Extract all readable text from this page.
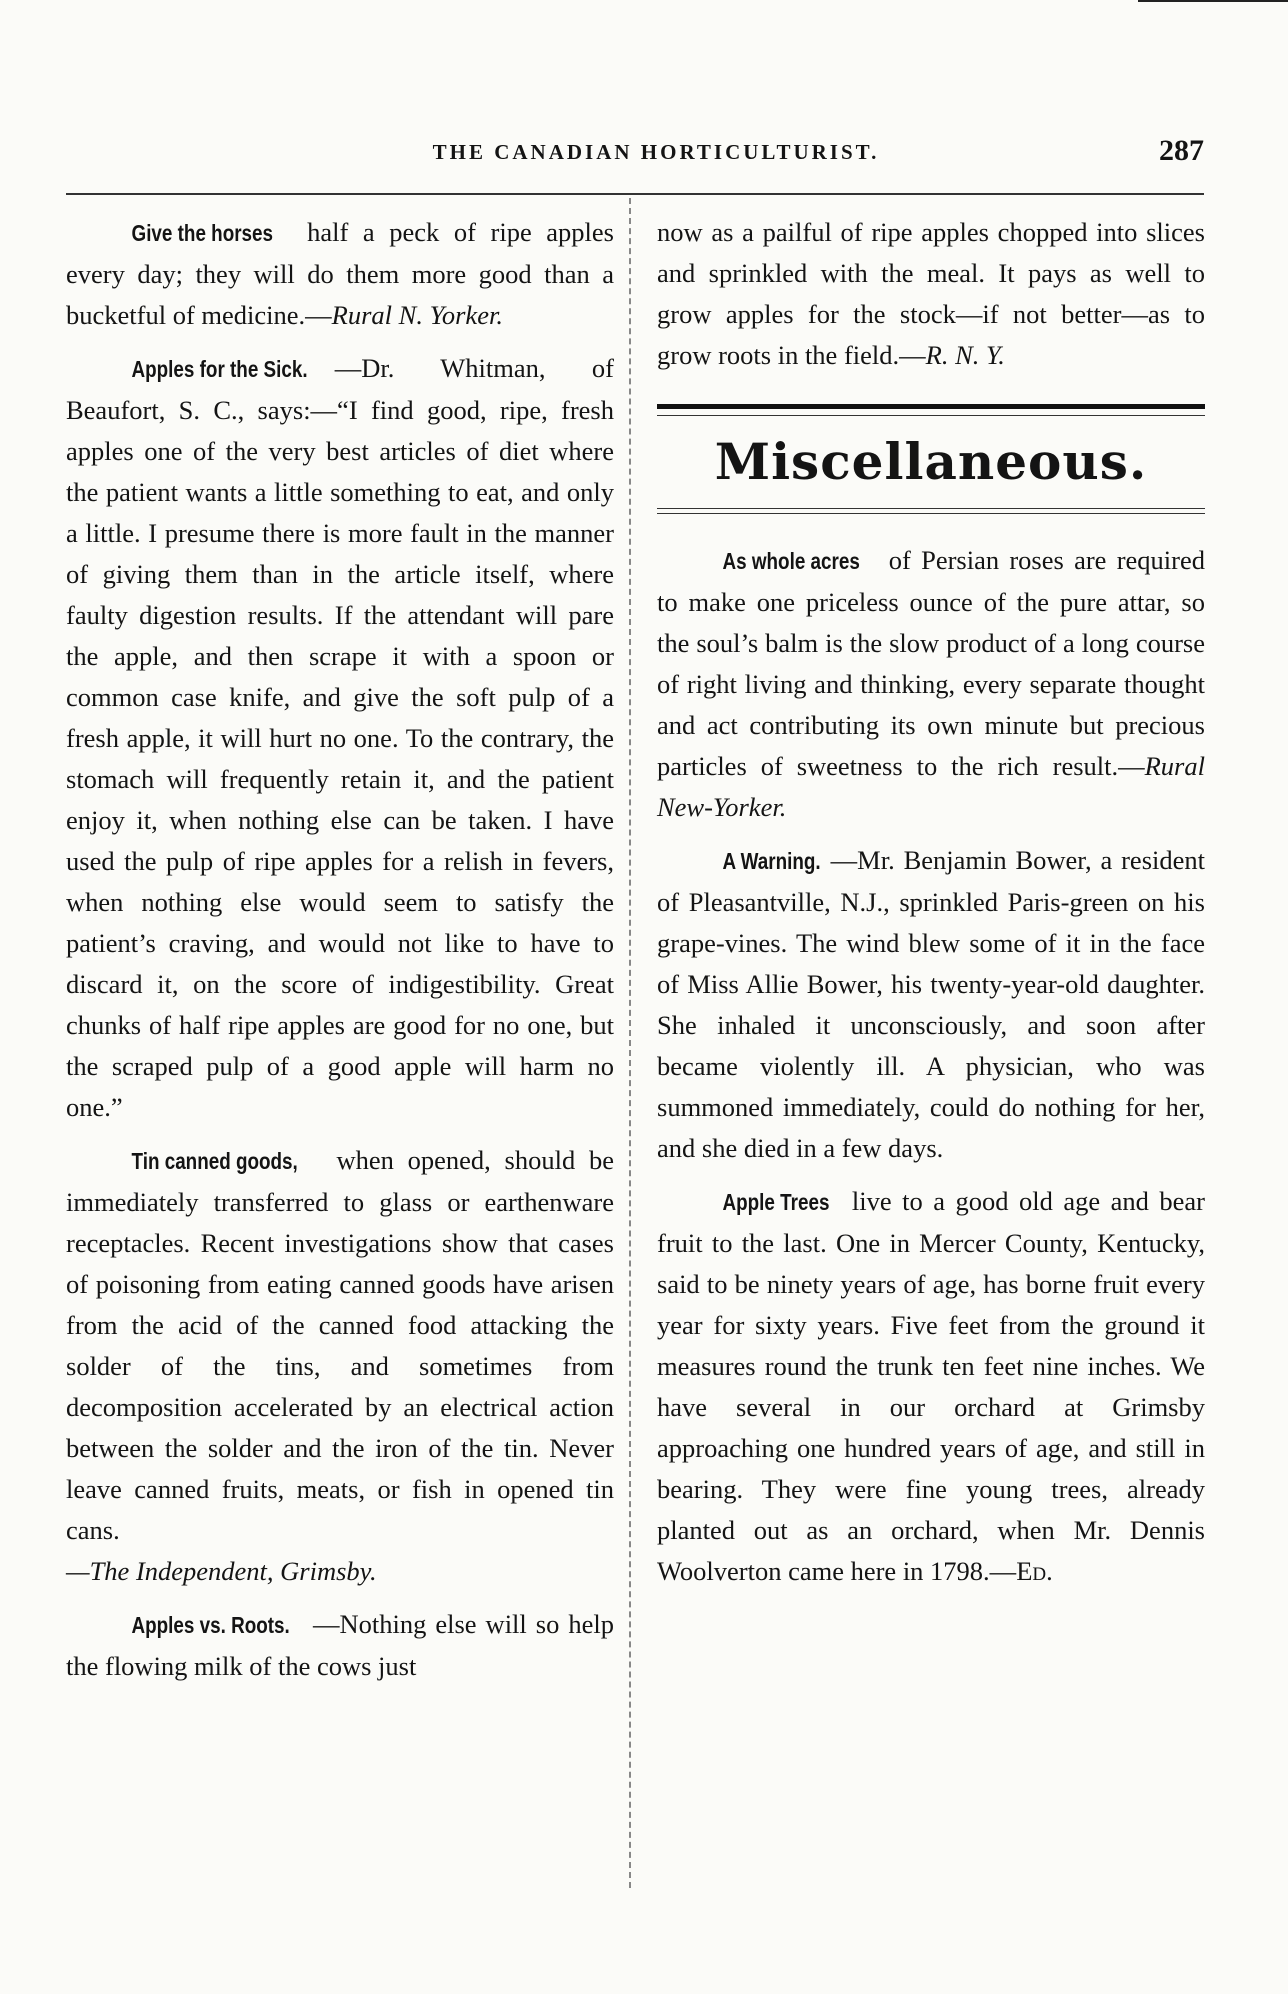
THE CANADIAN HORTICULTURIST.	287

Give the horses half a peck of ripe apples every day; they will do them more good than a bucketful of medicine.—Rural N. Yorker.

Apples for the Sick. —Dr. Whitman, of Beaufort, S. C., says:—“I find good, ripe, fresh apples one of the very best articles of diet where the patient wants a little something to eat, and only a little. I presume there is more fault in the manner of giving them than in the article itself, where faulty digestion results. If the attendant will pare the apple, and then scrape it with a spoon or common case knife, and give the soft pulp of a fresh apple, it will hurt no one. To the contrary, the stomach will frequently retain it, and the patient enjoy it, when nothing else can be taken. I have used the pulp of ripe apples for a relish in fevers, when nothing else would seem to satisfy the patient’s craving, and would not like to have to discard it, on the score of indigestibility. Great chunks of half ripe apples are good for no one, but the scraped pulp of a good apple will harm no one.”

Tin canned goods, when opened, should be immediately transferred to glass or earthenware receptacles. Recent investigations show that cases of poisoning from eating canned goods have arisen from the acid of the canned food attacking the solder of the tins, and sometimes from decomposition accelerated by an electrical action between the solder and the iron of the tin. Never leave canned fruits, meats, or fish in opened tin cans.
—The Independent, Grimsby.

Apples vs. Roots. —Nothing else will so help the flowing milk of the cows just

now as a pailful of ripe apples chopped into slices and sprinkled with the meal. It pays as well to grow apples for the stock—if not better—as to grow roots in the field.—R. N. Y.

Miscellaneous.

As whole acres of Persian roses are required to make one priceless ounce of the pure attar, so the soul’s balm is the slow product of a long course of right living and thinking, every separate thought and act contributing its own minute but precious particles of sweetness to the rich result.—Rural New-Yorker.

A Warning. —Mr. Benjamin Bower, a resident of Pleasantville, N.J., sprinkled Paris-green on his grape-vines. The wind blew some of it in the face of Miss Allie Bower, his twenty-year-old daughter. She inhaled it unconsciously, and soon after became violently ill. A physician, who was summoned immediately, could do nothing for her, and she died in a few days.

Apple Trees live to a good old age and bear fruit to the last. One in Mercer County, Kentucky, said to be ninety years of age, has borne fruit every year for sixty years. Five feet from the ground it measures round the trunk ten feet nine inches. We have several in our orchard at Grimsby approaching one hundred years of age, and still in bearing. They were fine young trees, already planted out as an orchard, when Mr. Dennis Woolverton came here in 1798.—Ed.
